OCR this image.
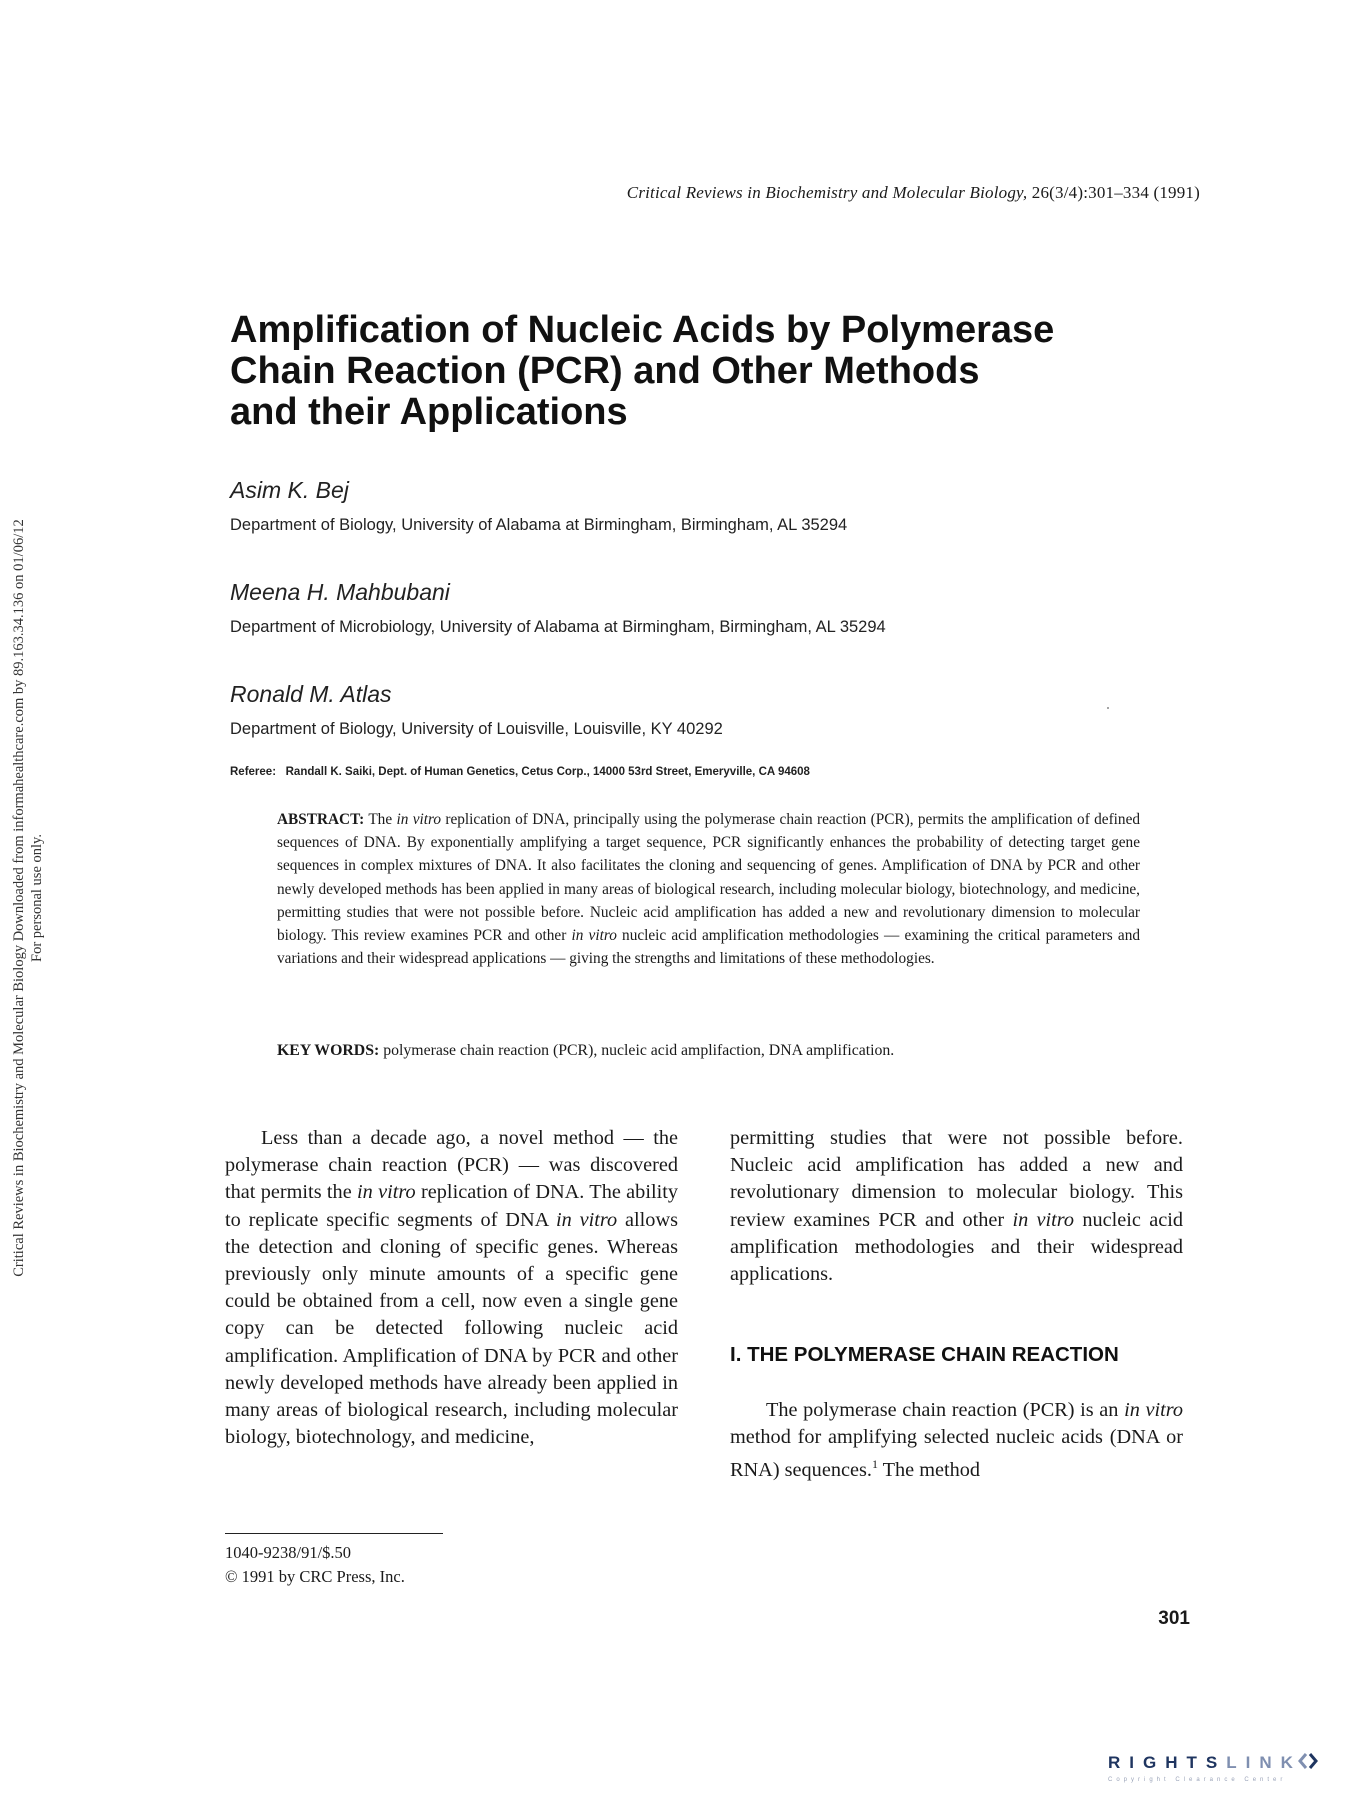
Critical Reviews in Biochemistry and Molecular Biology, 26(3/4):301–334 (1991)
Amplification of Nucleic Acids by Polymerase
Chain Reaction (PCR) and Other Methods
and their Applications
Asim K. Bej
Department of Biology, University of Alabama at Birmingham, Birmingham, AL 35294
Meena H. Mahbubani
Department of Microbiology, University of Alabama at Birmingham, Birmingham, AL 35294
Ronald M. Atlas
Department of Biology, University of Louisville, Louisville, KY 40292
Referee: Randall K. Saiki, Dept. of Human Genetics, Cetus Corp., 14000 53rd Street, Emeryville, CA 94608
ABSTRACT: The in vitro replication of DNA, principally using the polymerase chain reaction (PCR), permits the amplification of defined sequences of DNA. By exponentially amplifying a target sequence, PCR significantly enhances the probability of detecting target gene sequences in complex mixtures of DNA. It also facilitates the cloning and sequencing of genes. Amplification of DNA by PCR and other newly developed methods has been applied in many areas of biological research, including molecular biology, biotechnology, and medicine, permitting studies that were not possible before. Nucleic acid amplification has added a new and revolutionary dimension to molecular biology. This review examines PCR and other in vitro nucleic acid amplification methodologies — examining the critical parameters and variations and their widespread applications — giving the strengths and limitations of these methodologies.
KEY WORDS: polymerase chain reaction (PCR), nucleic acid amplifaction, DNA amplification.
Less than a decade ago, a novel method — the polymerase chain reaction (PCR) — was discovered that permits the in vitro replication of DNA. The ability to replicate specific segments of DNA in vitro allows the detection and cloning of specific genes. Whereas previously only minute amounts of a specific gene could be obtained from a cell, now even a single gene copy can be detected following nucleic acid amplification. Amplification of DNA by PCR and other newly developed methods have already been applied in many areas of biological research, including molecular biology, biotechnology, and medicine,
permitting studies that were not possible before. Nucleic acid amplification has added a new and revolutionary dimension to molecular biology. This review examines PCR and other in vitro nucleic acid amplification methodologies and their widespread applications.
I. THE POLYMERASE CHAIN REACTION
The polymerase chain reaction (PCR) is an in vitro method for amplifying selected nucleic acids (DNA or RNA) sequences.$^1$ The method
1040-9238/91/$.50
© 1991 by CRC Press, Inc.
301
Critical Reviews in Biochemistry and Molecular Biology Downloaded from informahealthcare.com by 89.163.34.136 on 01/06/12 For personal use only.
RIGHTSLINK
Copyright Clearance Center
